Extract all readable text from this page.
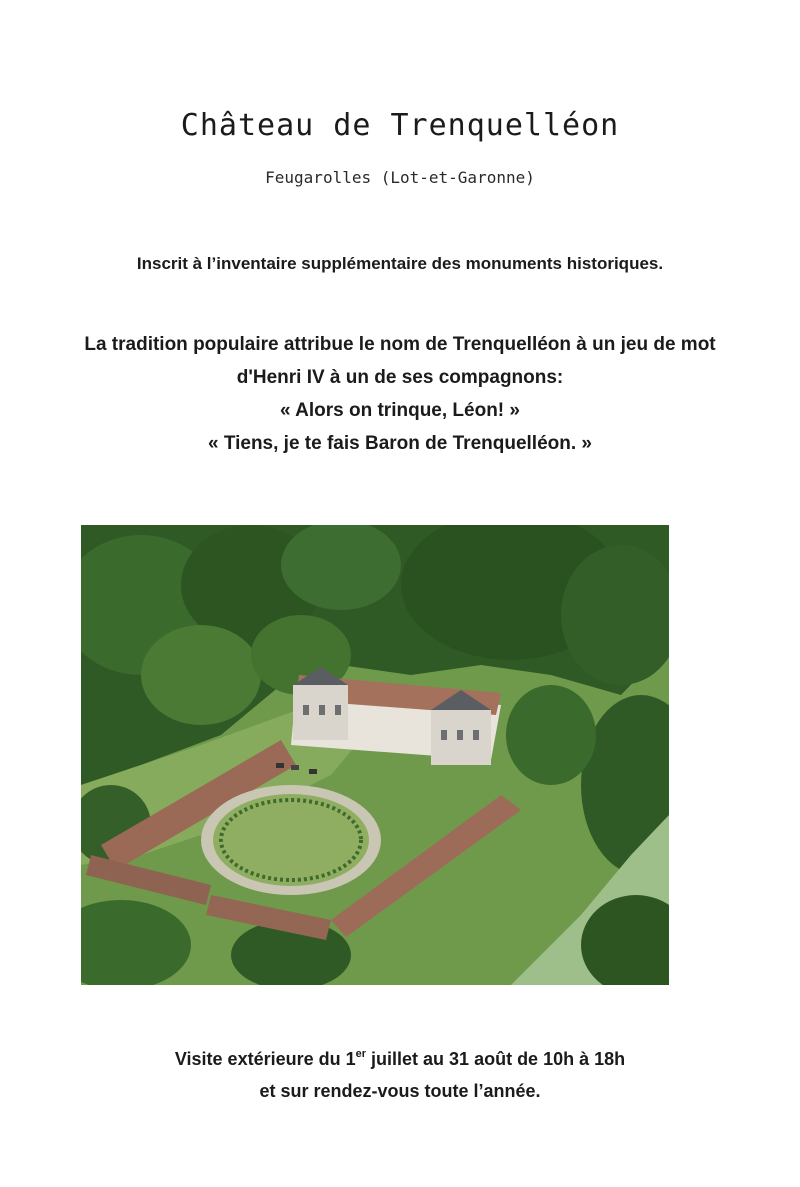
Château de Trenquelléon
Feugarolles (Lot-et-Garonne)
Inscrit à l’inventaire supplémentaire des monuments historiques.
La tradition populaire attribue le nom de Trenquelléon à un jeu de mot
d'Henri IV à un de ses compagnons:
« Alors on trinque, Léon! »
« Tiens, je te fais Baron de Trenquelléon. »
Visite extérieure du 1er juillet au 31 août de 10h à 18h
et sur rendez-vous toute l’année.
